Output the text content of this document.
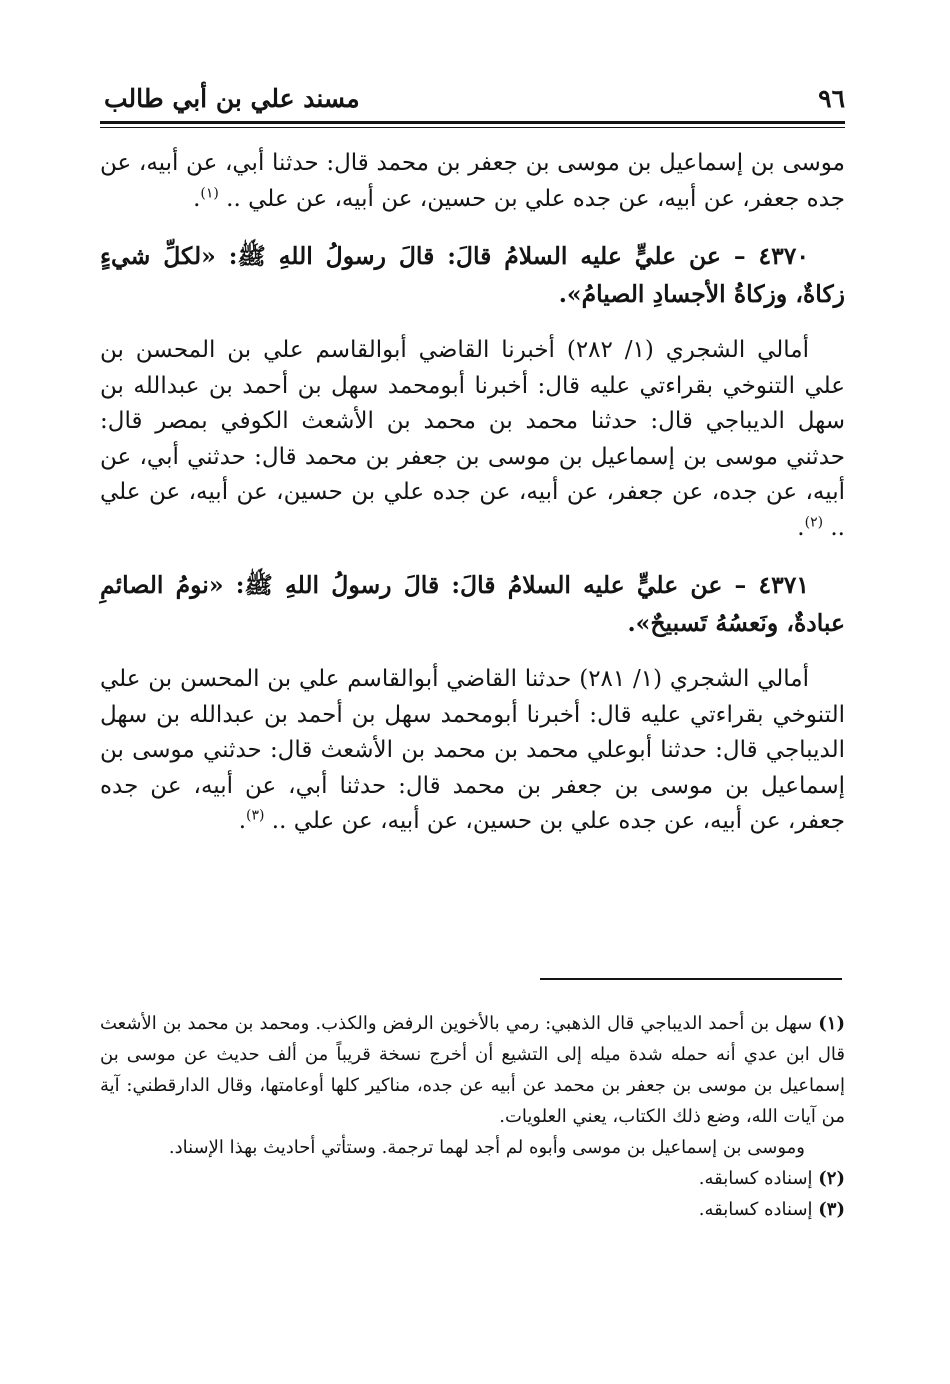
٩٦
مسند علي بن أبي طالب

موسى بن إسماعيل بن موسى بن جعفر بن محمد قال: حدثنا أبي، عن أبيه، عن جده جعفر، عن أبيه، عن جده علي بن حسين، عن أبيه، عن علي .. $^{(١)}$.

٤٣٧٠ – عن عليٍّ عليه السلامُ قالَ: قالَ رسولُ اللهِ ﷺ: «لكلِّ شيءٍ زكاةٌ، وزكاةُ الأجسادِ الصيامُ».

أمالي الشجري (١/ ٢٨٢) أخبرنا القاضي أبوالقاسم علي بن المحسن بن علي التنوخي بقراءتي عليه قال: أخبرنا أبومحمد سهل بن أحمد بن عبدالله بن سهل الديباجي قال: حدثنا محمد بن محمد بن الأشعث الكوفي بمصر قال: حدثني موسى بن إسماعيل بن موسى بن جعفر بن محمد قال: حدثني أبي، عن أبيه، عن جده، عن جعفر، عن أبيه، عن جده علي بن حسين، عن أبيه، عن علي .. $^{(٢)}$.

٤٣٧١ – عن عليٍّ عليه السلامُ قالَ: قالَ رسولُ اللهِ ﷺ: «نومُ الصائمِ عبادةٌ، ونَعسُهُ تَسبيحٌ».

أمالي الشجري (١/ ٢٨١) حدثنا القاضي أبوالقاسم علي بن المحسن بن علي التنوخي بقراءتي عليه قال: أخبرنا أبومحمد سهل بن أحمد بن عبدالله بن سهل الديباجي قال: حدثنا أبوعلي محمد بن محمد بن الأشعث قال: حدثني موسى بن إسماعيل بن موسى بن جعفر بن محمد قال: حدثنا أبي، عن أبيه، عن جده جعفر، عن أبيه، عن جده علي بن حسين، عن أبيه، عن علي .. $^{(٣)}$.

(١) سهل بن أحمد الديباجي قال الذهبي: رمي بالأخوين الرفض والكذب. ومحمد بن محمد بن الأشعث قال ابن عدي أنه حمله شدة ميله إلى التشيع أن أخرج نسخة قريباً من ألف حديث عن موسى بن إسماعيل بن موسى بن جعفر بن محمد عن أبيه عن جده، مناكير كلها أوعامتها، وقال الدارقطني: آية من آيات الله، وضع ذلك الكتاب، يعني العلويات.

وموسى بن إسماعيل بن موسى وأبوه لم أجد لهما ترجمة. وستأتي أحاديث بهذا الإسناد.

(٢) إسناده كسابقه.

(٣) إسناده كسابقه.
